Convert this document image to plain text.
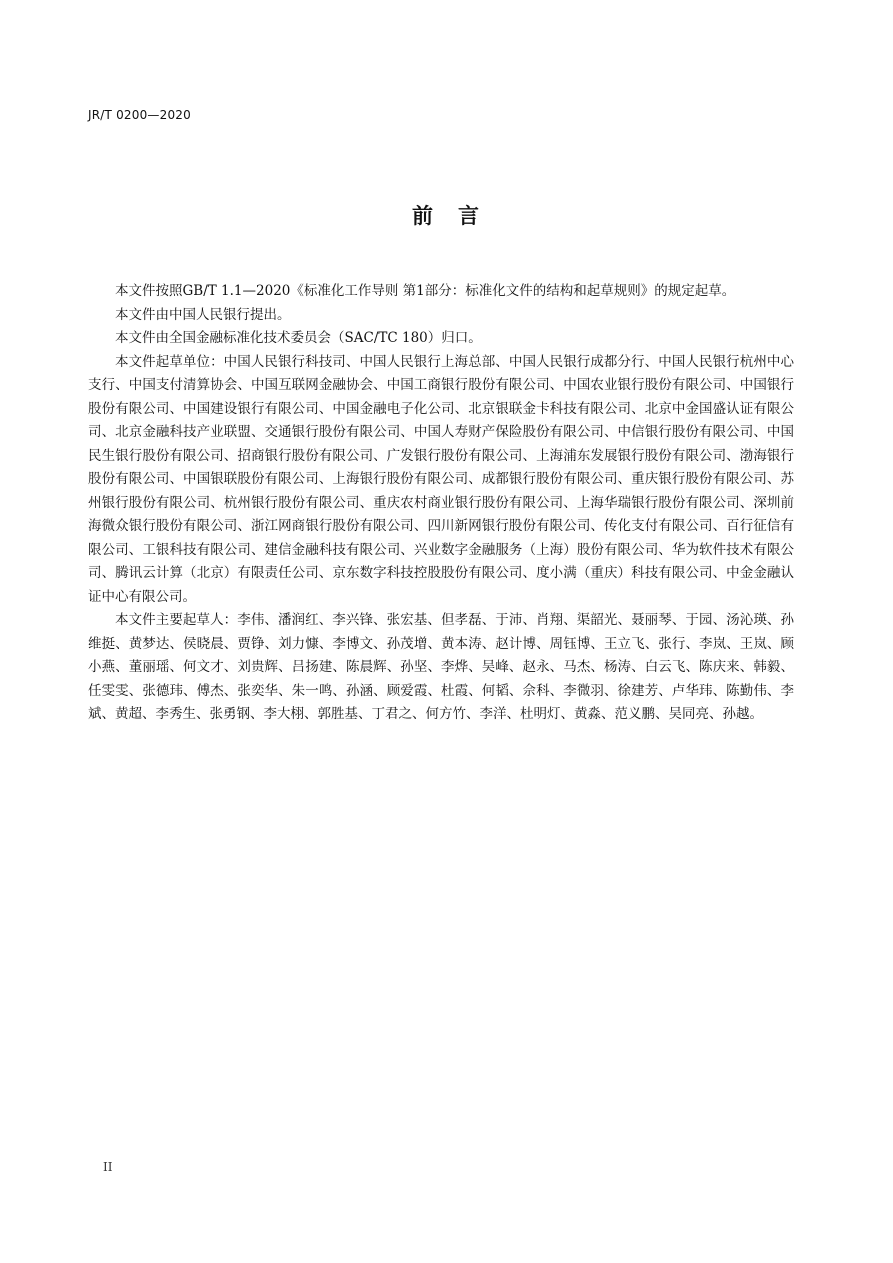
JR/T 0200—2020
前　言

本文件按照GB/T 1.1—2020《标准化工作导则 第1部分：标准化文件的结构和起草规则》的规定起草。

本文件由中国人民银行提出。

本文件由全国金融标准化技术委员会（SAC/TC 180）归口。

本文件起草单位：中国人民银行科技司、中国人民银行上海总部、中国人民银行成都分行、中国人民银行杭州中心支行、中国支付清算协会、中国互联网金融协会、中国工商银行股份有限公司、中国农业银行股份有限公司、中国银行股份有限公司、中国建设银行有限公司、中国金融电子化公司、北京银联金卡科技有限公司、北京中金国盛认证有限公司、北京金融科技产业联盟、交通银行股份有限公司、中国人寿财产保险股份有限公司、中信银行股份有限公司、中国民生银行股份有限公司、招商银行股份有限公司、广发银行股份有限公司、上海浦东发展银行股份有限公司、渤海银行股份有限公司、中国银联股份有限公司、上海银行股份有限公司、成都银行股份有限公司、重庆银行股份有限公司、苏州银行股份有限公司、杭州银行股份有限公司、重庆农村商业银行股份有限公司、上海华瑞银行股份有限公司、深圳前海微众银行股份有限公司、浙江网商银行股份有限公司、四川新网银行股份有限公司、传化支付有限公司、百行征信有限公司、工银科技有限公司、建信金融科技有限公司、兴业数字金融服务（上海）股份有限公司、华为软件技术有限公司、腾讯云计算（北京）有限责任公司、京东数字科技控股股份有限公司、度小满（重庆）科技有限公司、中金金融认证中心有限公司。

本文件主要起草人：李伟、潘润红、李兴锋、张宏基、但孝磊、于沛、肖翔、渠韶光、聂丽琴、于园、汤沁瑛、孙维挺、黄梦达、侯晓晨、贾铮、刘力慷、李博文、孙茂增、黄本涛、赵计博、周钰博、王立飞、张行、李岚、王岚、顾小燕、董丽瑶、何文才、刘贵辉、吕扬建、陈晨辉、孙坚、李烨、吴峰、赵永、马杰、杨涛、白云飞、陈庆来、韩毅、任雯雯、张德玮、傅杰、张奕华、朱一鸣、孙涵、顾爱霞、杜霞、何韬、佘科、李微羽、徐建芳、卢华玮、陈勤伟、李斌、黄超、李秀生、张勇钢、李大栩、郭胜基、丁君之、何方竹、李洋、杜明灯、黄淼、范义鹏、吴同亮、孙越。

II
